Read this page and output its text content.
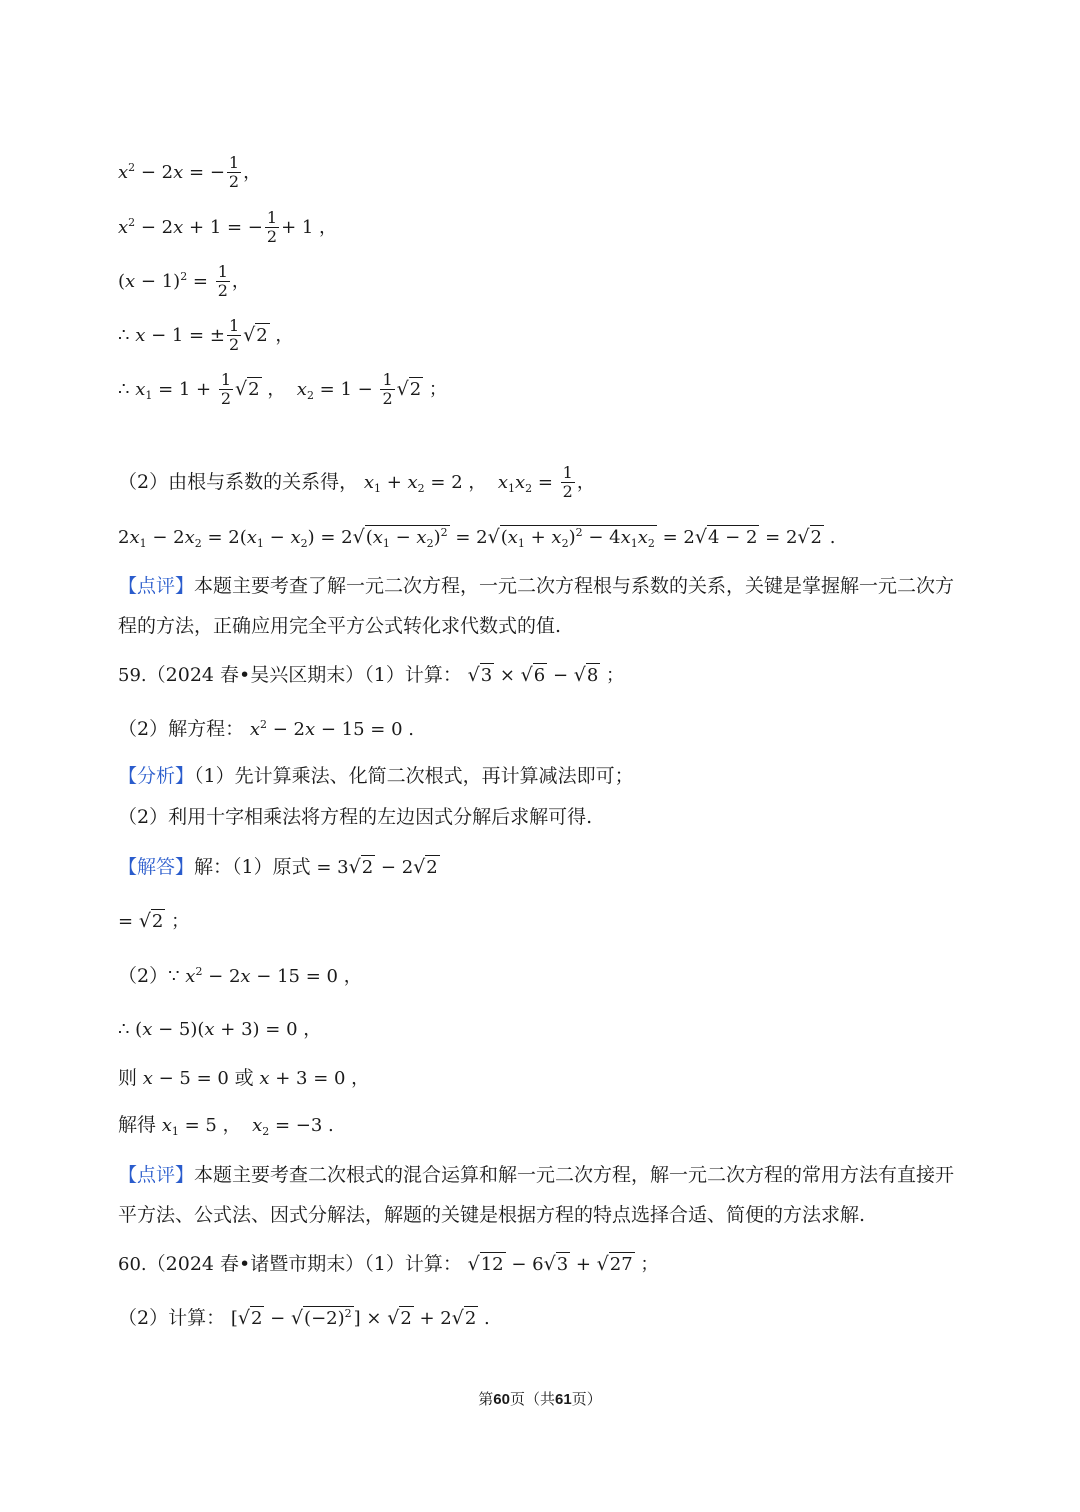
$x^2 - 2x$ = − $\frac{1}{2}$ ，
$x^2 - 2x + 1$ = − $\frac{1}{2} + 1$ ，
$(x - 1)^2 = \frac{1}{2}$ ，
∴ x − 1 = ± $\frac{1}{2} √2$ ，
∴ $x_1 = 1 + \frac{1}{2} √2$ ，  $x_2 = 1 - \frac{1}{2} √2$ ；
（2）由根与系数的关系得， $x_1 + x_2 = 2$ ，  $x_1x_2 = \frac{1}{2}$ ，
$2x_1 - 2x_2 = 2(x_1 - x_2) = 2√(x_1 - x_2)^2 = 2√(x_1 + x_2)^2 - 4x_1x_2 = 2√4 - 2 = 2√2$ .
【点评】本题主要考查了解一元二次方程，一元二次方程根与系数的关系，关键是掌握解一元二次方程的方法，正确应用完全平方公式转化求代数式的值.
59.（2024 春•吴兴区期末）（1）计算： √3 × √6 − √8 ；
（2）解方程： $x^2 - 2x - 15 = 0$ .
【分析】（1）先计算乘法、化简二次根式，再计算减法即可；
（2）利用十字相乘法将方程的左边因式分解后求解可得.
【解答】解：（1）原式 = 3√2 − 2√2
= √2 ；
（2）∵ $x^2 - 2x - 15 = 0$ ，
∴ (x − 5)(x + 3) = 0 ，
则 x − 5 = 0 或 x + 3 = 0 ，
解得 $x_1 = 5$ ，  $x_2 = -3$ .
【点评】本题主要考查二次根式的混合运算和解一元二次方程，解一元二次方程的常用方法有直接开平方法、公式法、因式分解法，解题的关键是根据方程的特点选择合适、简便的方法求解.
60.（2024 春•诸暨市期末）（1）计算： √12 − 6√3 + √27 ；
（2）计算： [$√2 - √(-2)^2$ ] × √2 + 2√2 .
第60页（共61页）
